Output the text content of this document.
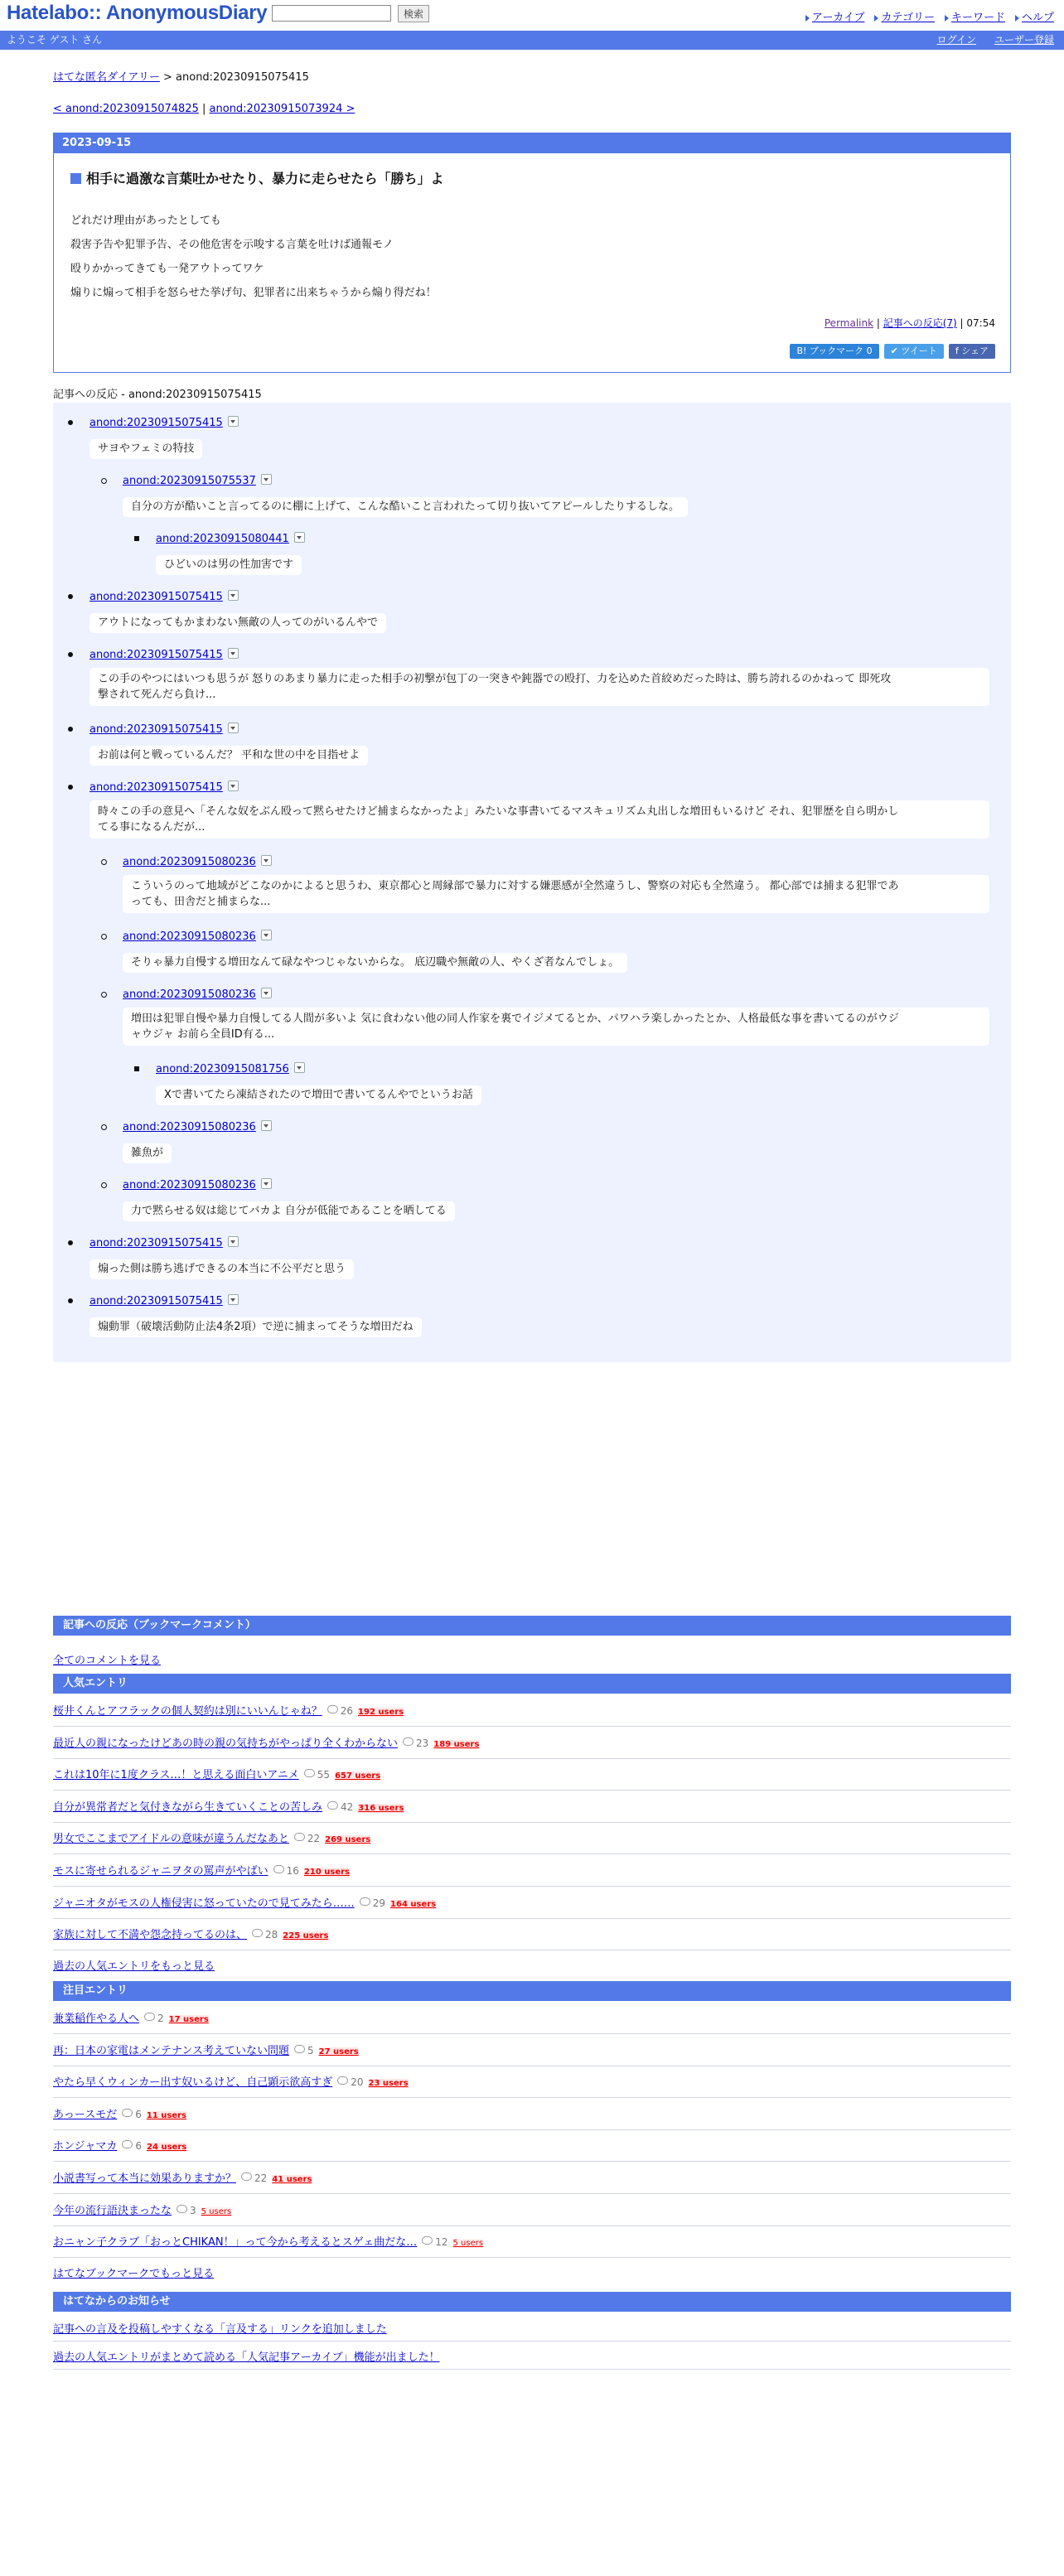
Hatelabo:: AnonymousDiary	検索	アーカイブ カテゴリー キーワード ヘルプ
ようこそ ゲスト さん	ログイン ユーザー登録
はてな匿名ダイアリー > anond:20230915075415
< anond:20230915074825 | anond:20230915073924 >
2023-09-15
相手に過激な言葉吐かせたり、暴力に走らせたら「勝ち」よ
どれだけ理由があったとしても
殺害予告や犯罪予告、その他危害を示唆する言葉を吐けば通報モノ
殴りかかってきても一発アウトってワケ
煽りに煽って相手を怒らせた挙げ句、犯罪者に出来ちゃうから煽り得だね！
Permalink | 記事への反応(7) | 07:54
B! ブックマーク 0 ✔ ツイート f シェア
記事への反応 - anond:20230915075415
anond:20230915075415
サヨやフェミの特技
anond:20230915075537
自分の方が酷いこと言ってるのに棚に上げて、こんな酷いこと言われたって切り抜いてアピールしたりするしな。
anond:20230915080441
ひどいのは男の性加害です
anond:20230915075415
アウトになってもかまわない無敵の人ってのがいるんやで
anond:20230915075415
この手のやつにはいつも思うが 怒りのあまり暴力に走った相手の初撃が包丁の一突きや鈍器での殴打、力を込めた首絞めだった時は、勝ち誇れるのかねって 即死攻
撃されて死んだら負け...
anond:20230915075415
お前は何と戦っているんだ？ 平和な世の中を目指せよ
anond:20230915075415
時々この手の意見へ「そんな奴をぶん殴って黙らせたけど捕まらなかったよ」みたいな事書いてるマスキュリズム丸出しな増田もいるけど それ、犯罪歴を自ら明かし
てる事になるんだが...
anond:20230915080236
こういうのって地域がどこなのかによると思うわ、東京都心と周縁部で暴力に対する嫌悪感が全然違うし、警察の対応も全然違う。 都心部では捕まる犯罪であ
っても、田舎だと捕まらな...
anond:20230915080236
そりゃ暴力自慢する増田なんて碌なやつじゃないからな。 底辺職や無敵の人、やくざ者なんでしょ。
anond:20230915080236
増田は犯罪自慢や暴力自慢してる人間が多いよ 気に食わない他の同人作家を裏でイジメてるとか、パワハラ楽しかったとか、人格最低な事を書いてるのがウジ
ャウジャ お前ら全員ID有る...
anond:20230915081756
Xで書いてたら凍結されたので増田で書いてるんやでというお話
anond:20230915080236
雑魚が
anond:20230915080236
力で黙らせる奴は総じてバカよ 自分が低能であることを晒してる
anond:20230915075415
煽った側は勝ち逃げできるの本当に不公平だと思う
anond:20230915075415
煽動罪（破壊活動防止法4条2項）で逆に捕まってそうな増田だね
記事への反応（ブックマークコメント）
全てのコメントを見る
人気エントリ
桜井くんとアフラックの個人契約は別にいいんじゃね？ 26 192 users
最近人の親になったけどあの時の親の気持ちがやっぱり全くわからない 23 189 users
これは10年に1度クラス…！と思える面白いアニメ 55 657 users
自分が異常者だと気付きながら生きていくことの苦しみ 42 316 users
男女でここまでアイドルの意味が違うんだなあと 22 269 users
モスに寄せられるジャニヲタの罵声がやばい 16 210 users
ジャニオタがモスの人権侵害に怒っていたので見てみたら…… 29 164 users
家族に対して不満や怨念持ってるのは、 28 225 users
過去の人気エントリをもっと見る
注目エントリ
兼業稲作やる人へ 2 17 users
再：日本の家電はメンテナンス考えていない問題 5 27 users
やたら早くウィンカー出す奴いるけど、自己顕示欲高すぎ 20 23 users
あっースモだ 6 11 users
ホンジャマカ 6 24 users
小説書写って本当に効果ありますか？ 22 41 users
今年の流行語決まったな 3 5 users
おニャン子クラブ「おっとCHIKAN！」って今から考えるとスゲェ曲だな… 12 5 users
はてなブックマークでもっと見る
はてなからのお知らせ
記事への言及を投稿しやすくなる「言及する」リンクを追加しました
過去の人気エントリがまとめて読める「人気記事アーカイブ」機能が出ました！
